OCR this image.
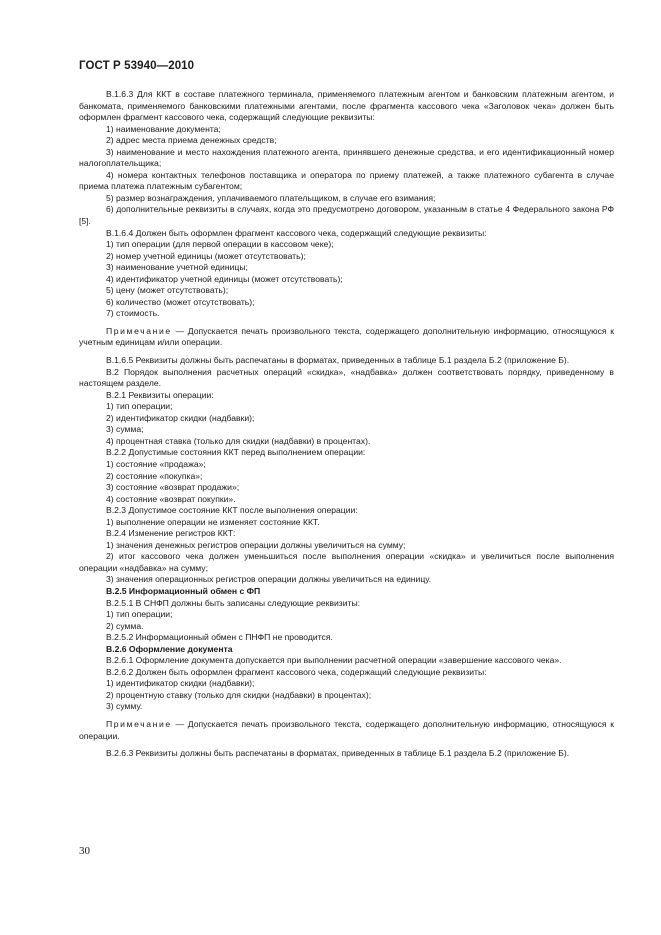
ГОСТ Р 53940—2010

В.1.6.3 Для ККТ в составе платежного терминала, применяемого платежным агентом и банковским платежным агентом, и банкомата, применяемого банковскими платежными агентами, после фрагмента кассового чека «Заголовок чека» должен быть оформлен фрагмент кассового чека, содержащий следующие реквизиты:

1) наименование документа;

2) адрес места приема денежных средств;

3) наименование и место нахождения платежного агента, принявшего денежные средства, и его идентификационный номер налогоплательщика;

4) номера контактных телефонов поставщика и оператора по приему платежей, а также платежного субагента в случае приема платежа платежным субагентом;

5) размер вознаграждения, уплачиваемого плательщиком, в случае его взимания;

6) дополнительные реквизиты в случаях, когда это предусмотрено договором, указанным в статье 4 Федерального закона РФ [5].

В.1.6.4 Должен быть оформлен фрагмент кассового чека, содержащий следующие реквизиты:

1) тип операции (для первой операции в кассовом чеке);

2) номер учетной единицы (может отсутствовать);

3) наименование учетной единицы;

4) идентификатор учетной единицы (может отсутствовать);

5) цену (может отсутствовать);

6) количество (может отсутствовать);

7) стоимость.

Примечание — Допускается печать произвольного текста, содержащего дополнительную информацию, относящуюся к учетным единицам и/или операции.

В.1.6.5 Реквизиты должны быть распечатаны в форматах, приведенных в таблице Б.1 раздела Б.2 (приложение Б).

В.2 Порядок выполнения расчетных операций «скидка», «надбавка» должен соответствовать порядку, приведенному в настоящем разделе.

В.2.1 Реквизиты операции:

1) тип операции;

2) идентификатор скидки (надбавки);

3) сумма;

4) процентная ставка (только для скидки (надбавки) в процентах).

В.2.2 Допустимые состояния ККТ перед выполнением операции:

1) состояние «продажа»;

2) состояние «покупка»;

3) состояние «возврат продажи»;

4) состояние «возврат покупки».

В.2.3 Допустимое состояние ККТ после выполнения операции:

1) выполнение операции не изменяет состояние ККТ.

В.2.4 Изменение регистров ККТ:

1) значения денежных регистров операции должны увеличиться на сумму;

2) итог кассового чека должен уменьшиться после выполнения операции «скидка» и увеличиться после выполнения операции «надбавка» на сумму;

3) значения операционных регистров операции должны увеличиться на единицу.

В.2.5 Информационный обмен с ФП

В.2.5.1 В СНФП должны быть записаны следующие реквизиты:

1) тип операции;

2) сумма.

В.2.5.2 Информационный обмен с ПНФП не проводится.

В.2.6 Оформление документа

В.2.6.1 Оформление документа допускается при выполнении расчетной операции «завершение кассового чека».

В.2.6.2 Должен быть оформлен фрагмент кассового чека, содержащий следующие реквизиты:

1) идентификатор скидки (надбавки);

2) процентную ставку (только для скидки (надбавки) в процентах);

3) сумму.

Примечание — Допускается печать произвольного текста, содержащего дополнительную информацию, относящуюся к операции.

В.2.6.3 Реквизиты должны быть распечатаны в форматах, приведенных в таблице Б.1 раздела Б.2 (приложение Б).

30
